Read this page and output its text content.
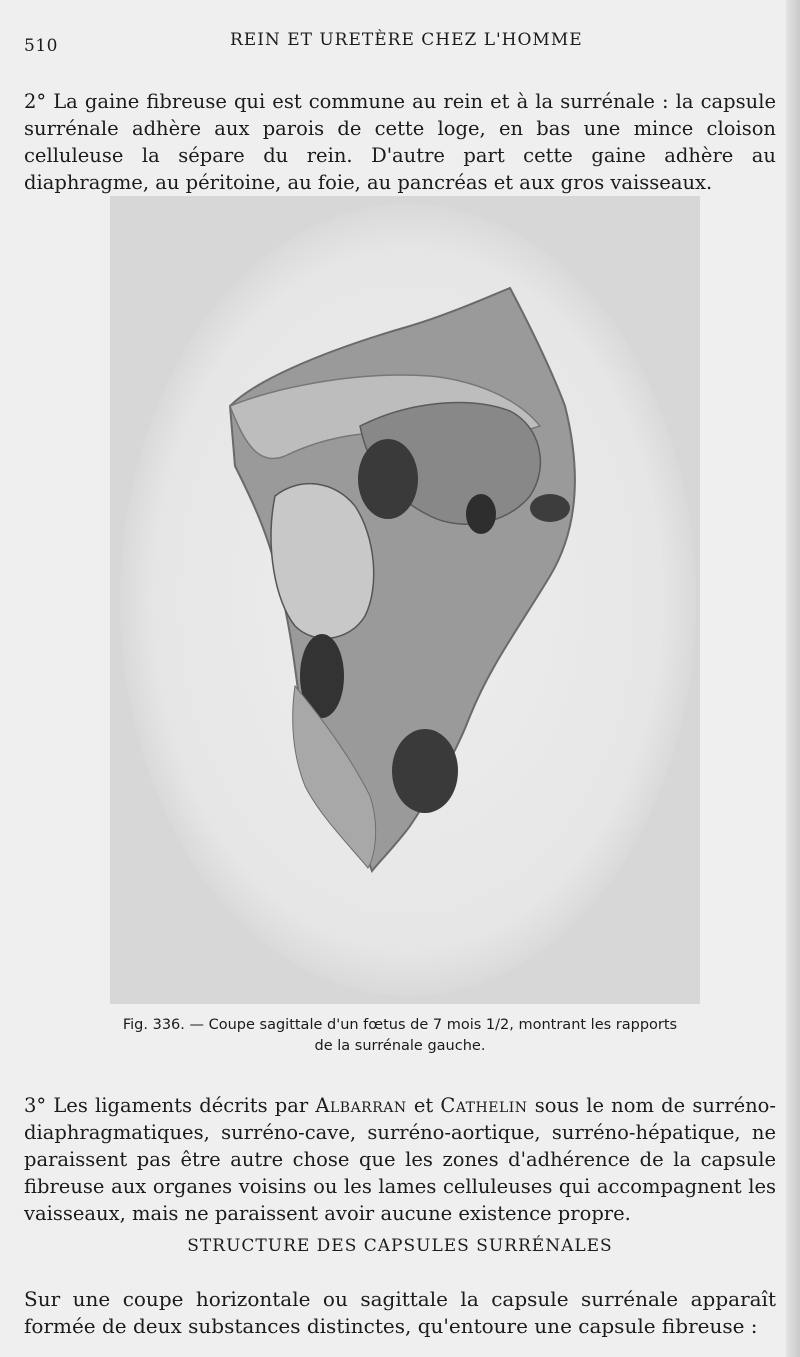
510	REIN ET URETÈRE CHEZ L'HOMME

2° La gaine fibreuse qui est commune au rein et à la surrénale : la capsule surrénale adhère aux parois de cette loge, en bas une mince cloison celluleuse la sépare du rein. D'autre part cette gaine adhère au diaphragme, au péritoine, au foie, au pancréas et aux gros vaisseaux.

Fig. 336. — Coupe sagittale d'un fœtus de 7 mois 1/2, montrant les rapports
de la surrénale gauche.

3° Les ligaments décrits par Albarran et Cathelin sous le nom de surréno-diaphragmatiques, surréno-cave, surréno-aortique, surréno-hépatique, ne paraissent pas être autre chose que les zones d'adhérence de la capsule fibreuse aux organes voisins ou les lames celluleuses qui accompagnent les vaisseaux, mais ne paraissent avoir aucune existence propre.

STRUCTURE DES CAPSULES SURRÉNALES

Sur une coupe horizontale ou sagittale la capsule surrénale apparaît formée de deux substances distinctes, qu'entoure une capsule fibreuse :
